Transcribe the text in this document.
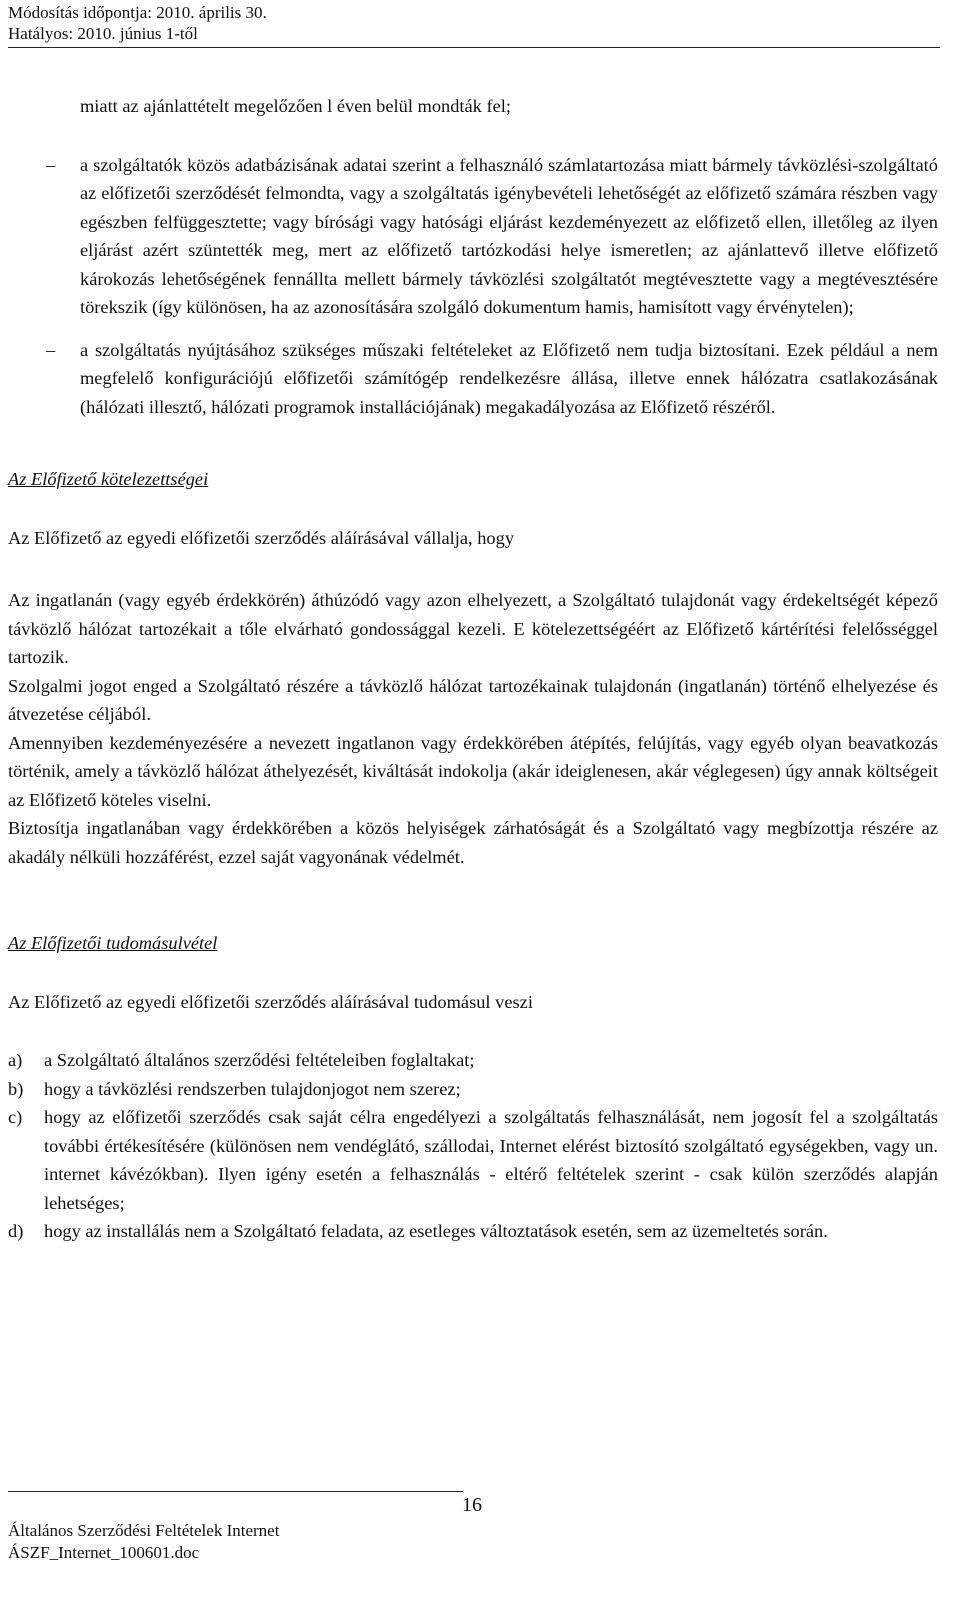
Módosítás időpontja: 2010. április 30.
Hatályos: 2010. június 1-től
miatt az ajánlattételt megelőzően l éven belül mondták fel;
– a szolgáltatók közös adatbázisának adatai szerint a felhasználó számlatartozása miatt bármely távközlési-szolgáltató az előfizetői szerződését felmondta, vagy a szolgáltatás igénybevételi lehetőségét az előfizető számára részben vagy egészben felfüggesztette; vagy bírósági vagy hatósági eljárást kezdeményezett az előfizető ellen, illetőleg az ilyen eljárást azért szüntették meg, mert az előfizető tartózkodási helye ismeretlen; az ajánlattevő illetve előfizető károkozás lehetőségének fennállta mellett bármely távközlési szolgáltatót megtévesztette vagy a megtévesztésére törekszik (így különösen, ha az azonosítására szolgáló dokumentum hamis, hamisított vagy érvénytelen);
– a szolgáltatás nyújtásához szükséges műszaki feltételeket az Előfizető nem tudja biztosítani. Ezek például a nem megfelelő konfigurációjú előfizetői számítógép rendelkezésre állása, illetve ennek hálózatra csatlakozásának (hálózati illesztő, hálózati programok installációjának) megakadályozása az Előfizető részéről.
Az Előfizető kötelezettségei
Az Előfizető az egyedi előfizetői szerződés aláírásával vállalja, hogy
Az ingatlanán (vagy egyéb érdekkörén) áthúzódó vagy azon elhelyezett, a Szolgáltató tulajdonát vagy érdekeltségét képező távközlő hálózat tartozékait a tőle elvárható gondossággal kezeli. E kötelezettségéért az Előfizető kártérítési felelősséggel tartozik.
Szolgalmi jogot enged a Szolgáltató részére a távközlő hálózat tartozékainak tulajdonán (ingatlanán) történő elhelyezése és átvezetése céljából.
Amennyiben kezdeményezésére a nevezett ingatlanon vagy érdekkörében átépítés, felújítás, vagy egyéb olyan beavatkozás történik, amely a távközlő hálózat áthelyezését, kiváltását indokolja (akár ideiglenesen, akár véglegesen) úgy annak költségeit az Előfizető köteles viselni.
Biztosítja ingatlanában vagy érdekkörében a közös helyiségek zárhatóságát és a Szolgáltató vagy megbízottja részére az akadály nélküli hozzáférést, ezzel saját vagyonának védelmét.
Az Előfizetői tudomásulvétel
Az Előfizető az egyedi előfizetői szerződés aláírásával tudomásul veszi
a) a Szolgáltató általános szerződési feltételeiben foglaltakat;
b) hogy a távközlési rendszerben tulajdonjogot nem szerez;
c) hogy az előfizetői szerződés csak saját célra engedélyezi a szolgáltatás felhasználását, nem jogosít fel a szolgáltatás további értékesítésére (különösen nem vendéglátó, szállodai, Internet elérést biztosító szolgáltató egységekben, vagy un. internet kávézókban). Ilyen igény esetén a felhasználás - eltérő feltételek szerint - csak külön szerződés alapján lehetséges;
d) hogy az installálás nem a Szolgáltató feladata, az esetleges változtatások esetén, sem az üzemeltetés során.
16
Általános Szerződési Feltételek Internet
ÁSZF_Internet_100601.doc
